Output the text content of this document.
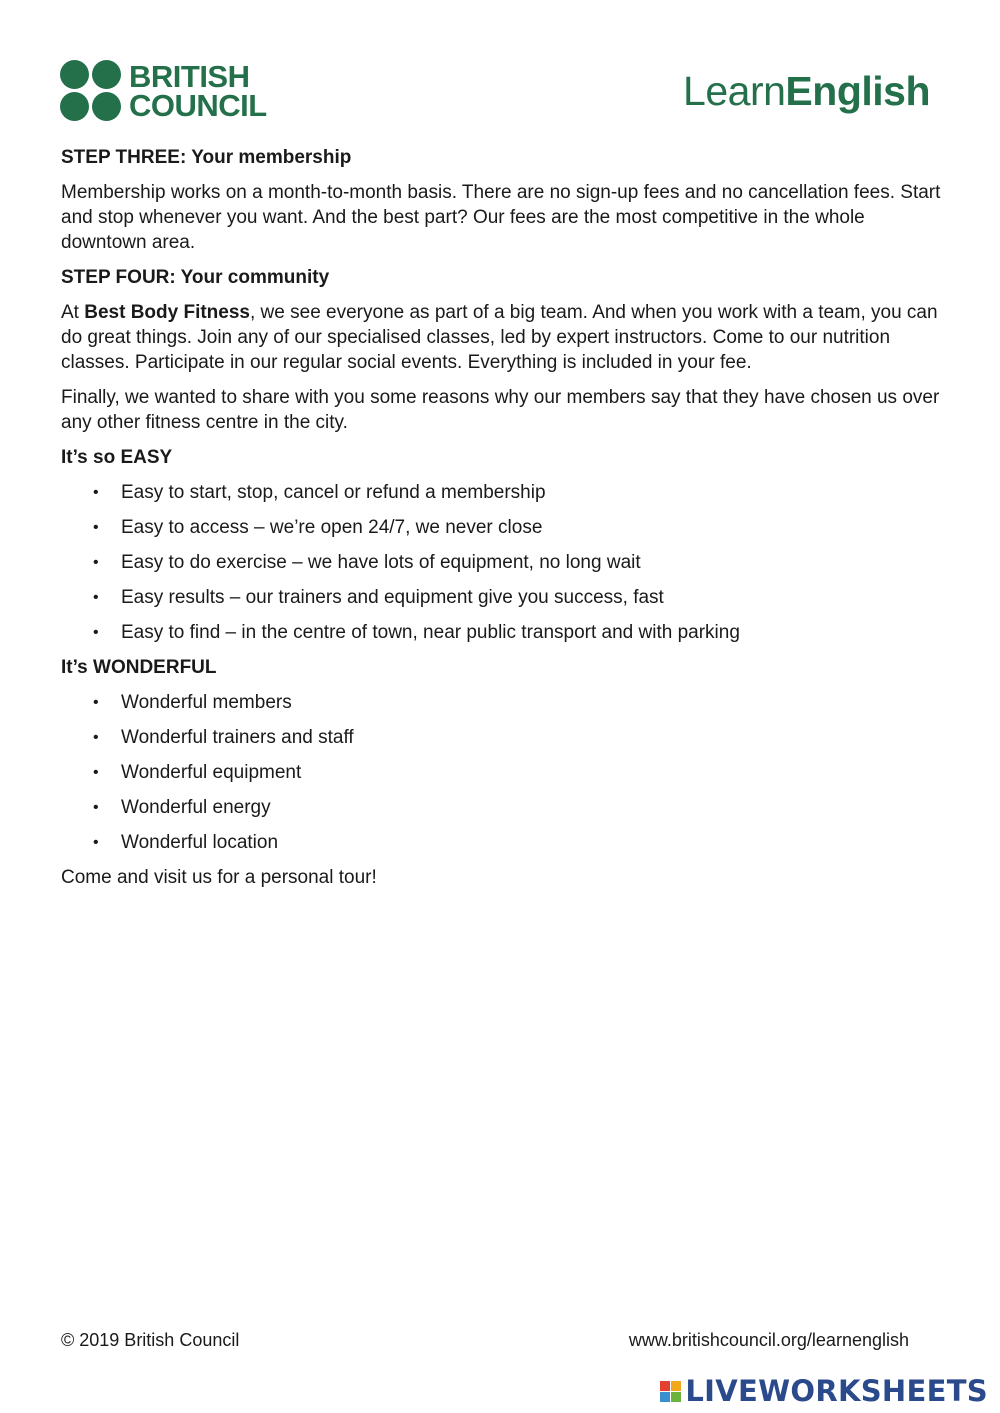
BRITISH
COUNCIL	LearnEnglish
STEP THREE: Your membership
Membership works on a month-to-month basis. There are no sign-up fees and no cancellation fees. Start and stop whenever you want. And the best part? Our fees are the most competitive in the whole downtown area.
STEP FOUR: Your community
At Best Body Fitness, we see everyone as part of a big team. And when you work with a team, you can do great things. Join any of our specialised classes, led by expert instructors. Come to our nutrition classes. Participate in our regular social events. Everything is included in your fee.
Finally, we wanted to share with you some reasons why our members say that they have chosen us over any other fitness centre in the city.
It’s so EASY
• Easy to start, stop, cancel or refund a membership
• Easy to access – we’re open 24/7, we never close
• Easy to do exercise – we have lots of equipment, no long wait
• Easy results – our trainers and equipment give you success, fast
• Easy to find – in the centre of town, near public transport and with parking
It’s WONDERFUL
• Wonderful members
• Wonderful trainers and staff
• Wonderful equipment
• Wonderful energy
• Wonderful location
Come and visit us for a personal tour!
© 2019 British Council	www.britishcouncil.org/learnenglish
LIVEWORKSHEETS
